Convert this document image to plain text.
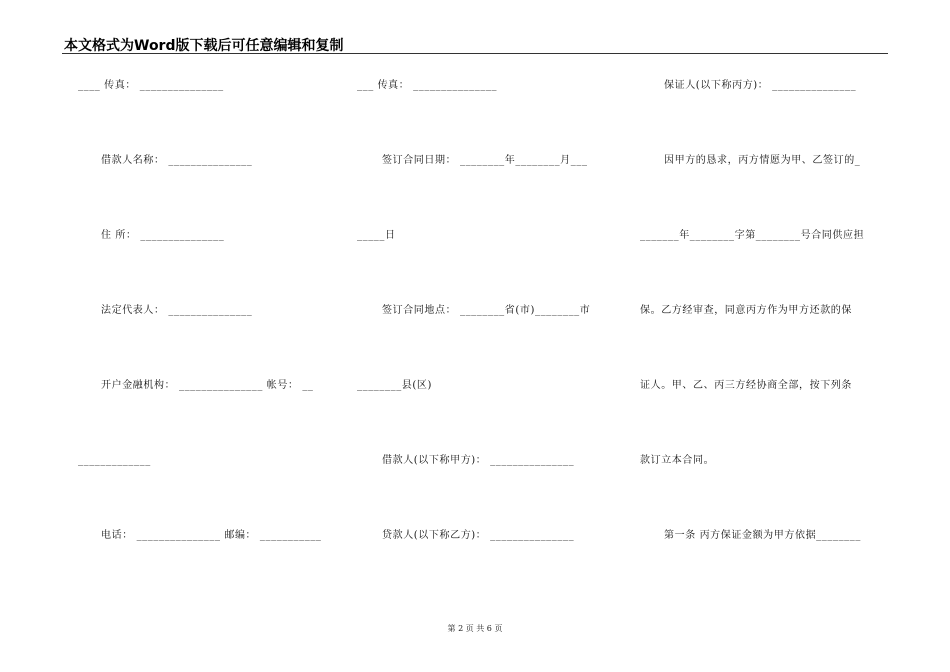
本文格式为Word版下载后可任意编辑和复制
____ 传真： _______________
借款人名称： _______________
住 所： _______________
法定代表人： _______________
开户金融机构： _______________ 帐号： __
_____________
电话： _______________ 邮编： ___________
___ 传真： _______________
签订合同日期： ________年________月___
_____日
签订合同地点： ________省(市)________市
________县(区)
借款人(以下称甲方)： _______________
贷款人(以下称乙方)： _______________
保证人(以下称丙方)： _______________
因甲方的恳求，丙方情愿为甲、乙签订的_
_______年________字第________号合同供应担
保。乙方经审查，同意丙方作为甲方还款的保
证人。甲、乙、丙三方经协商全部，按下列条
款订立本合同。
第一条 丙方保证金额为甲方依据________
第 2 页 共 6 页
